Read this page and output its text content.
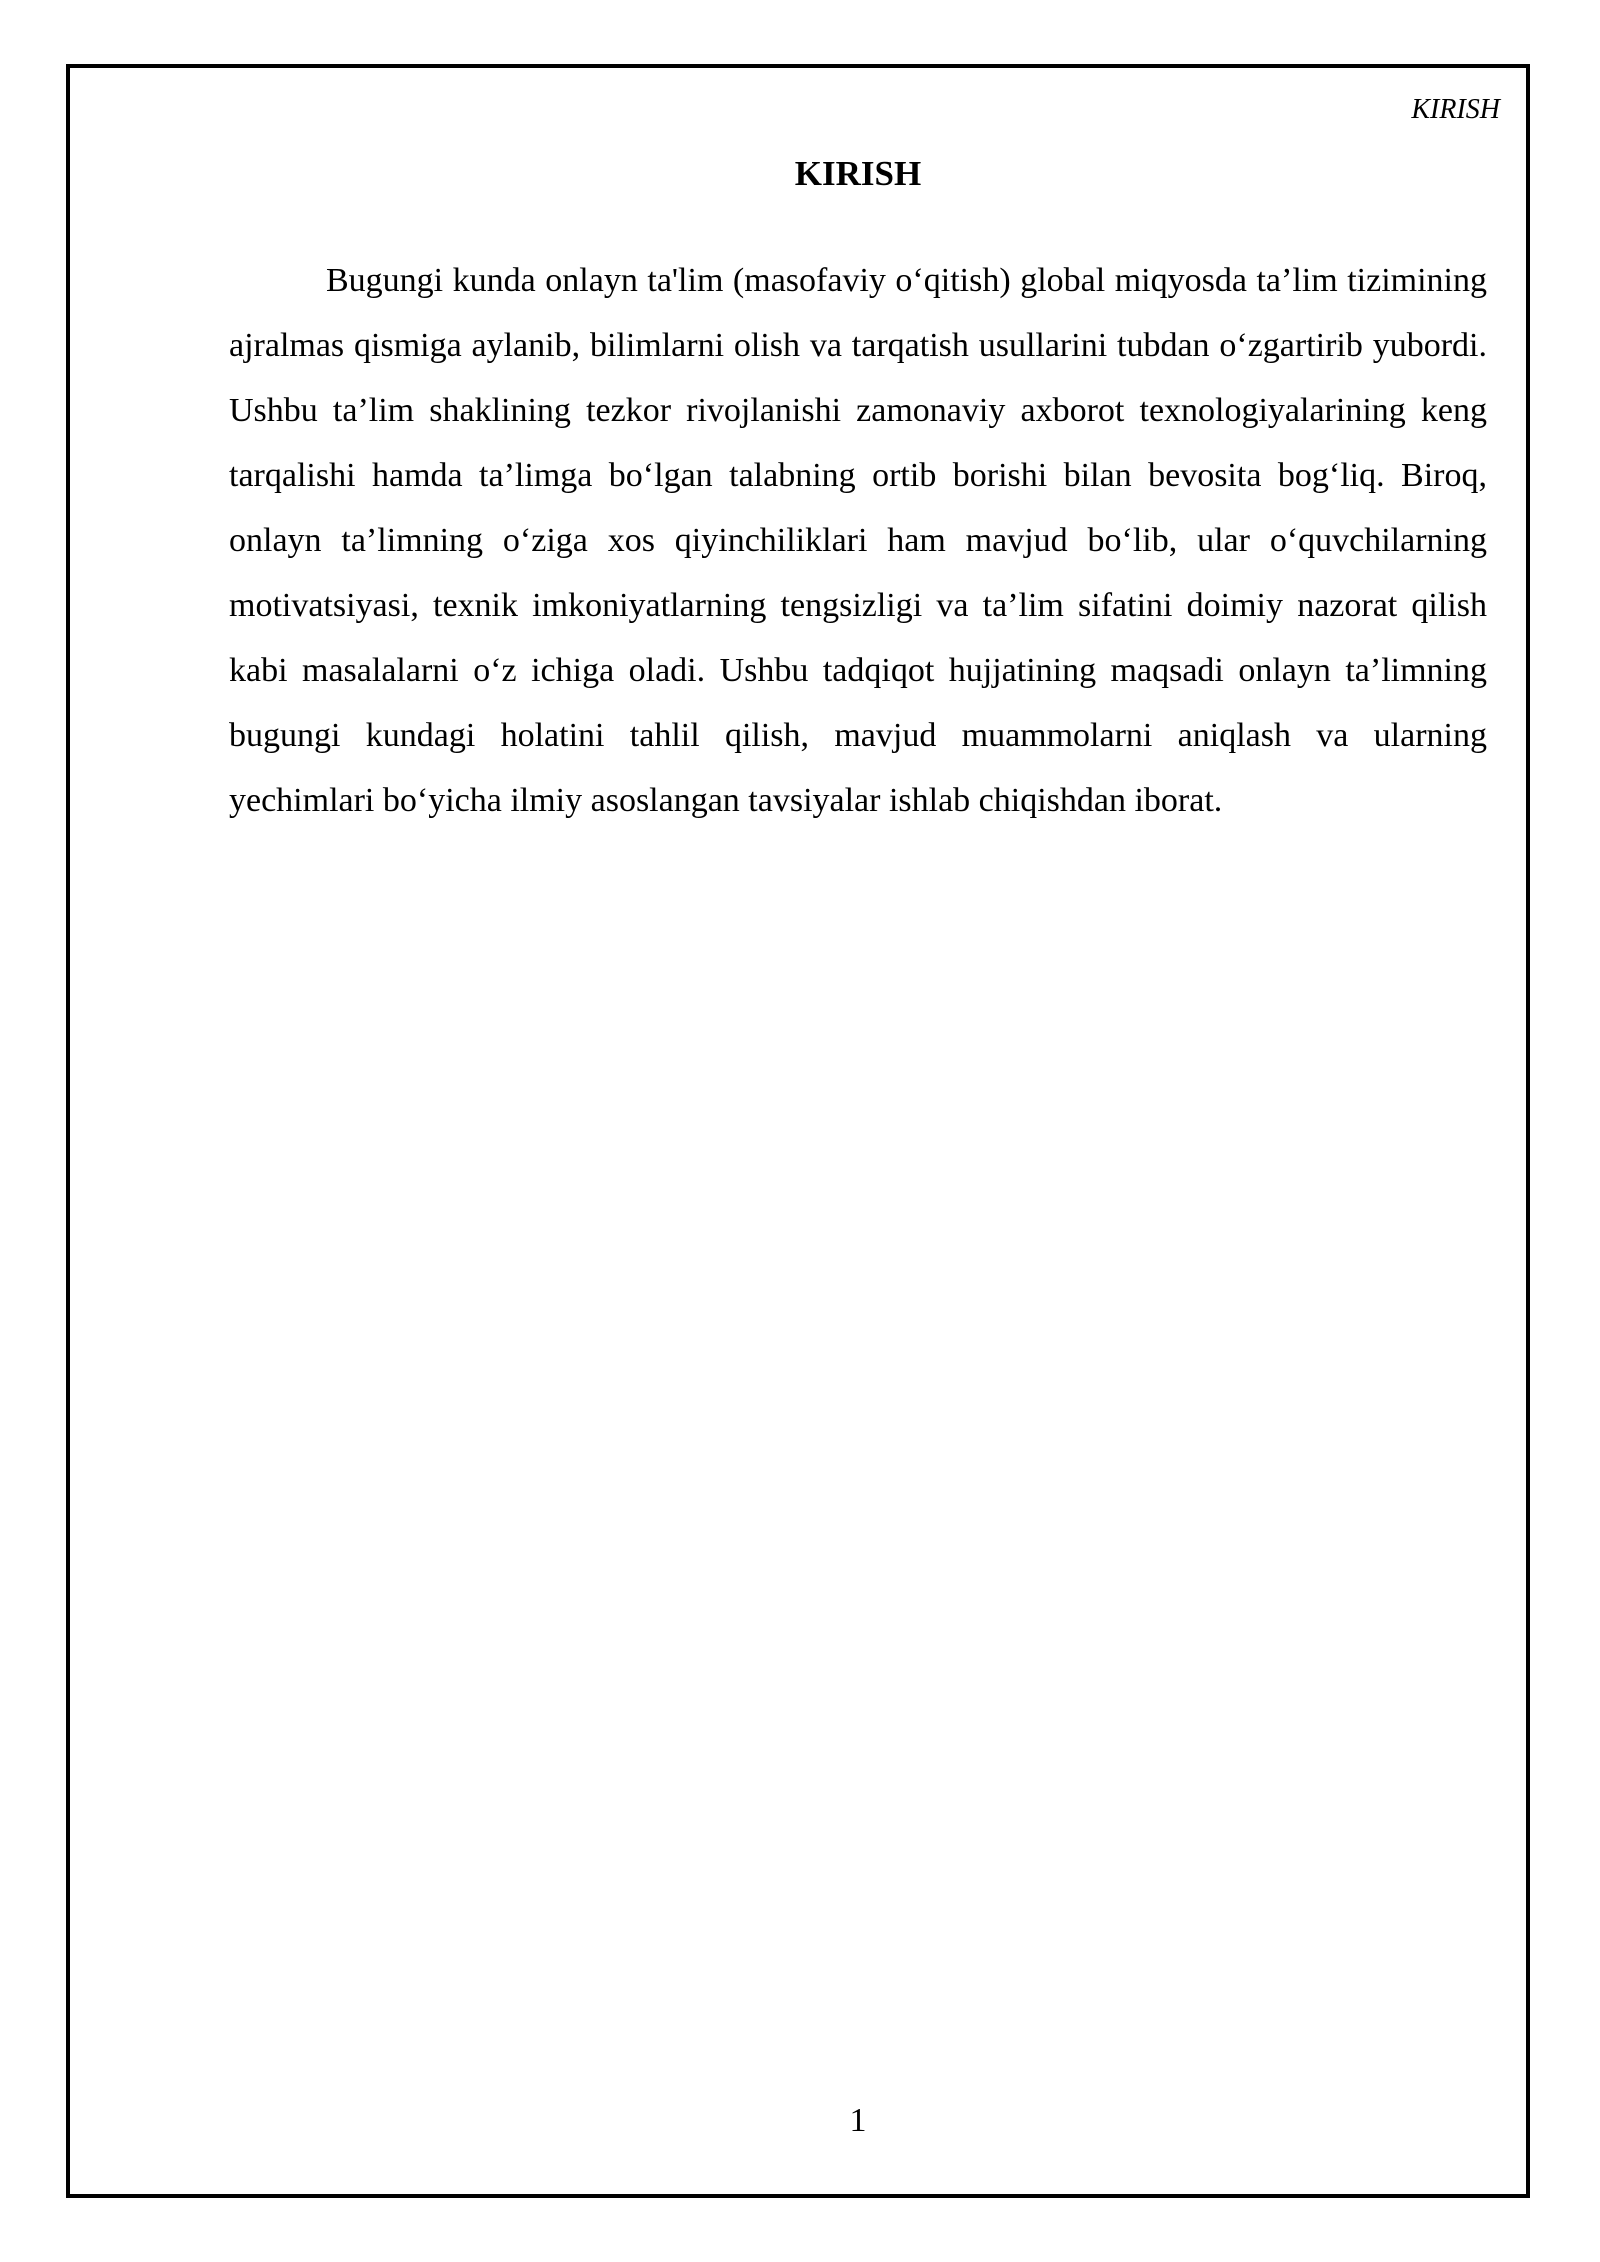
KIRISH

KIRISH

Bugungi kunda onlayn ta'lim (masofaviy o‘qitish) global miqyosda ta’lim tizimining ajralmas qismiga aylanib, bilimlarni olish va tarqatish usullarini tubdan o‘zgartirib yubordi. Ushbu ta’lim shaklining tezkor rivojlanishi zamonaviy axborot texnologiyalarining keng tarqalishi hamda ta’limga bo‘lgan talabning ortib borishi bilan bevosita bog‘liq. Biroq, onlayn ta’limning o‘ziga xos qiyinchiliklari ham mavjud bo‘lib, ular o‘quvchilarning motivatsiyasi, texnik imkoniyatlarning tengsizligi va ta’lim sifatini doimiy nazorat qilish kabi masalalarni o‘z ichiga oladi. Ushbu tadqiqot hujjatining maqsadi onlayn ta’limning bugungi kundagi holatini tahlil qilish, mavjud muammolarni aniqlash va ularning yechimlari bo‘yicha ilmiy asoslangan tavsiyalar ishlab chiqishdan iborat.

1
